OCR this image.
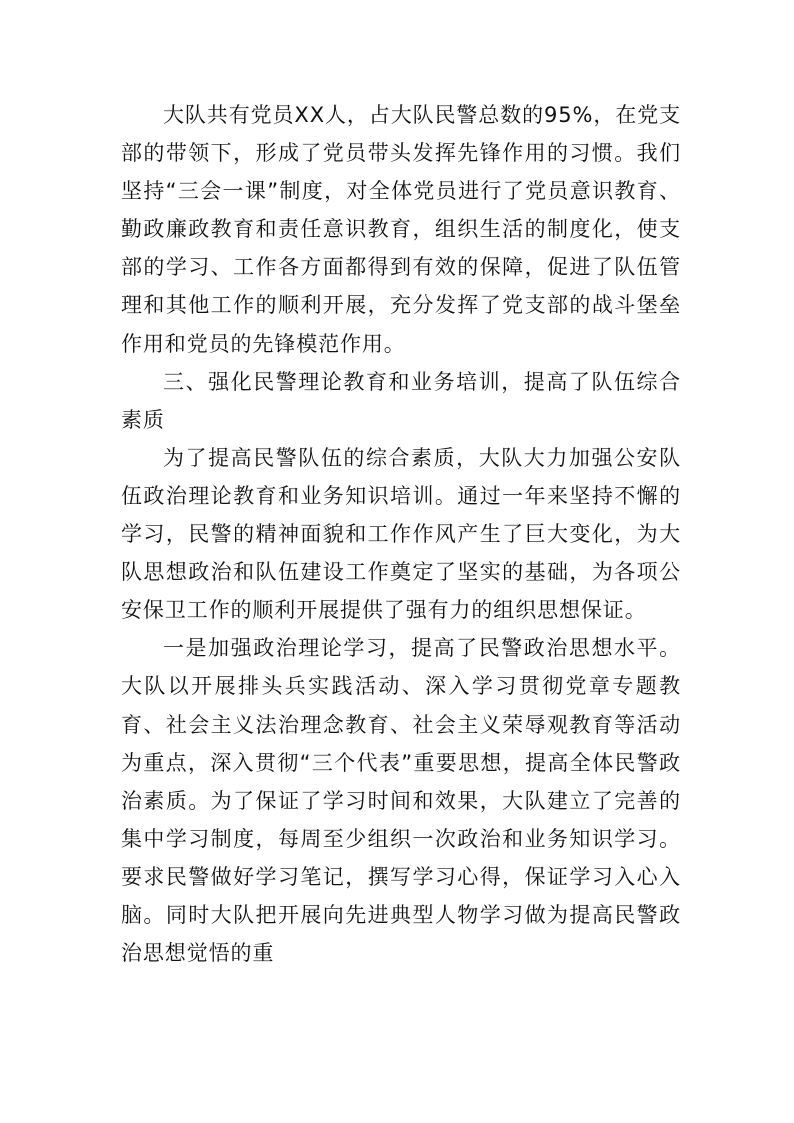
大队共有党员XX人，占大队民警总数的95%，在党支部的带领下，形成了党员带头发挥先锋作用的习惯。我们坚持“三会一课”制度，对全体党员进行了党员意识教育、勤政廉政教育和责任意识教育，组织生活的制度化，使支部的学习、工作各方面都得到有效的保障，促进了队伍管理和其他工作的顺利开展，充分发挥了党支部的战斗堡垒作用和党员的先锋模范作用。

三、强化民警理论教育和业务培训，提高了队伍综合素质

为了提高民警队伍的综合素质，大队大力加强公安队伍政治理论教育和业务知识培训。通过一年来坚持不懈的学习，民警的精神面貌和工作作风产生了巨大变化，为大队思想政治和队伍建设工作奠定了坚实的基础，为各项公安保卫工作的顺利开展提供了强有力的组织思想保证。

一是加强政治理论学习，提高了民警政治思想水平。大队以开展排头兵实践活动、深入学习贯彻党章专题教育、社会主义法治理念教育、社会主义荣辱观教育等活动为重点，深入贯彻“三个代表”重要思想，提高全体民警政治素质。为了保证了学习时间和效果，大队建立了完善的集中学习制度，每周至少组织一次政治和业务知识学习。要求民警做好学习笔记，撰写学习心得，保证学习入心入脑。同时大队把开展向先进典型人物学习做为提高民警政治思想觉悟的重
